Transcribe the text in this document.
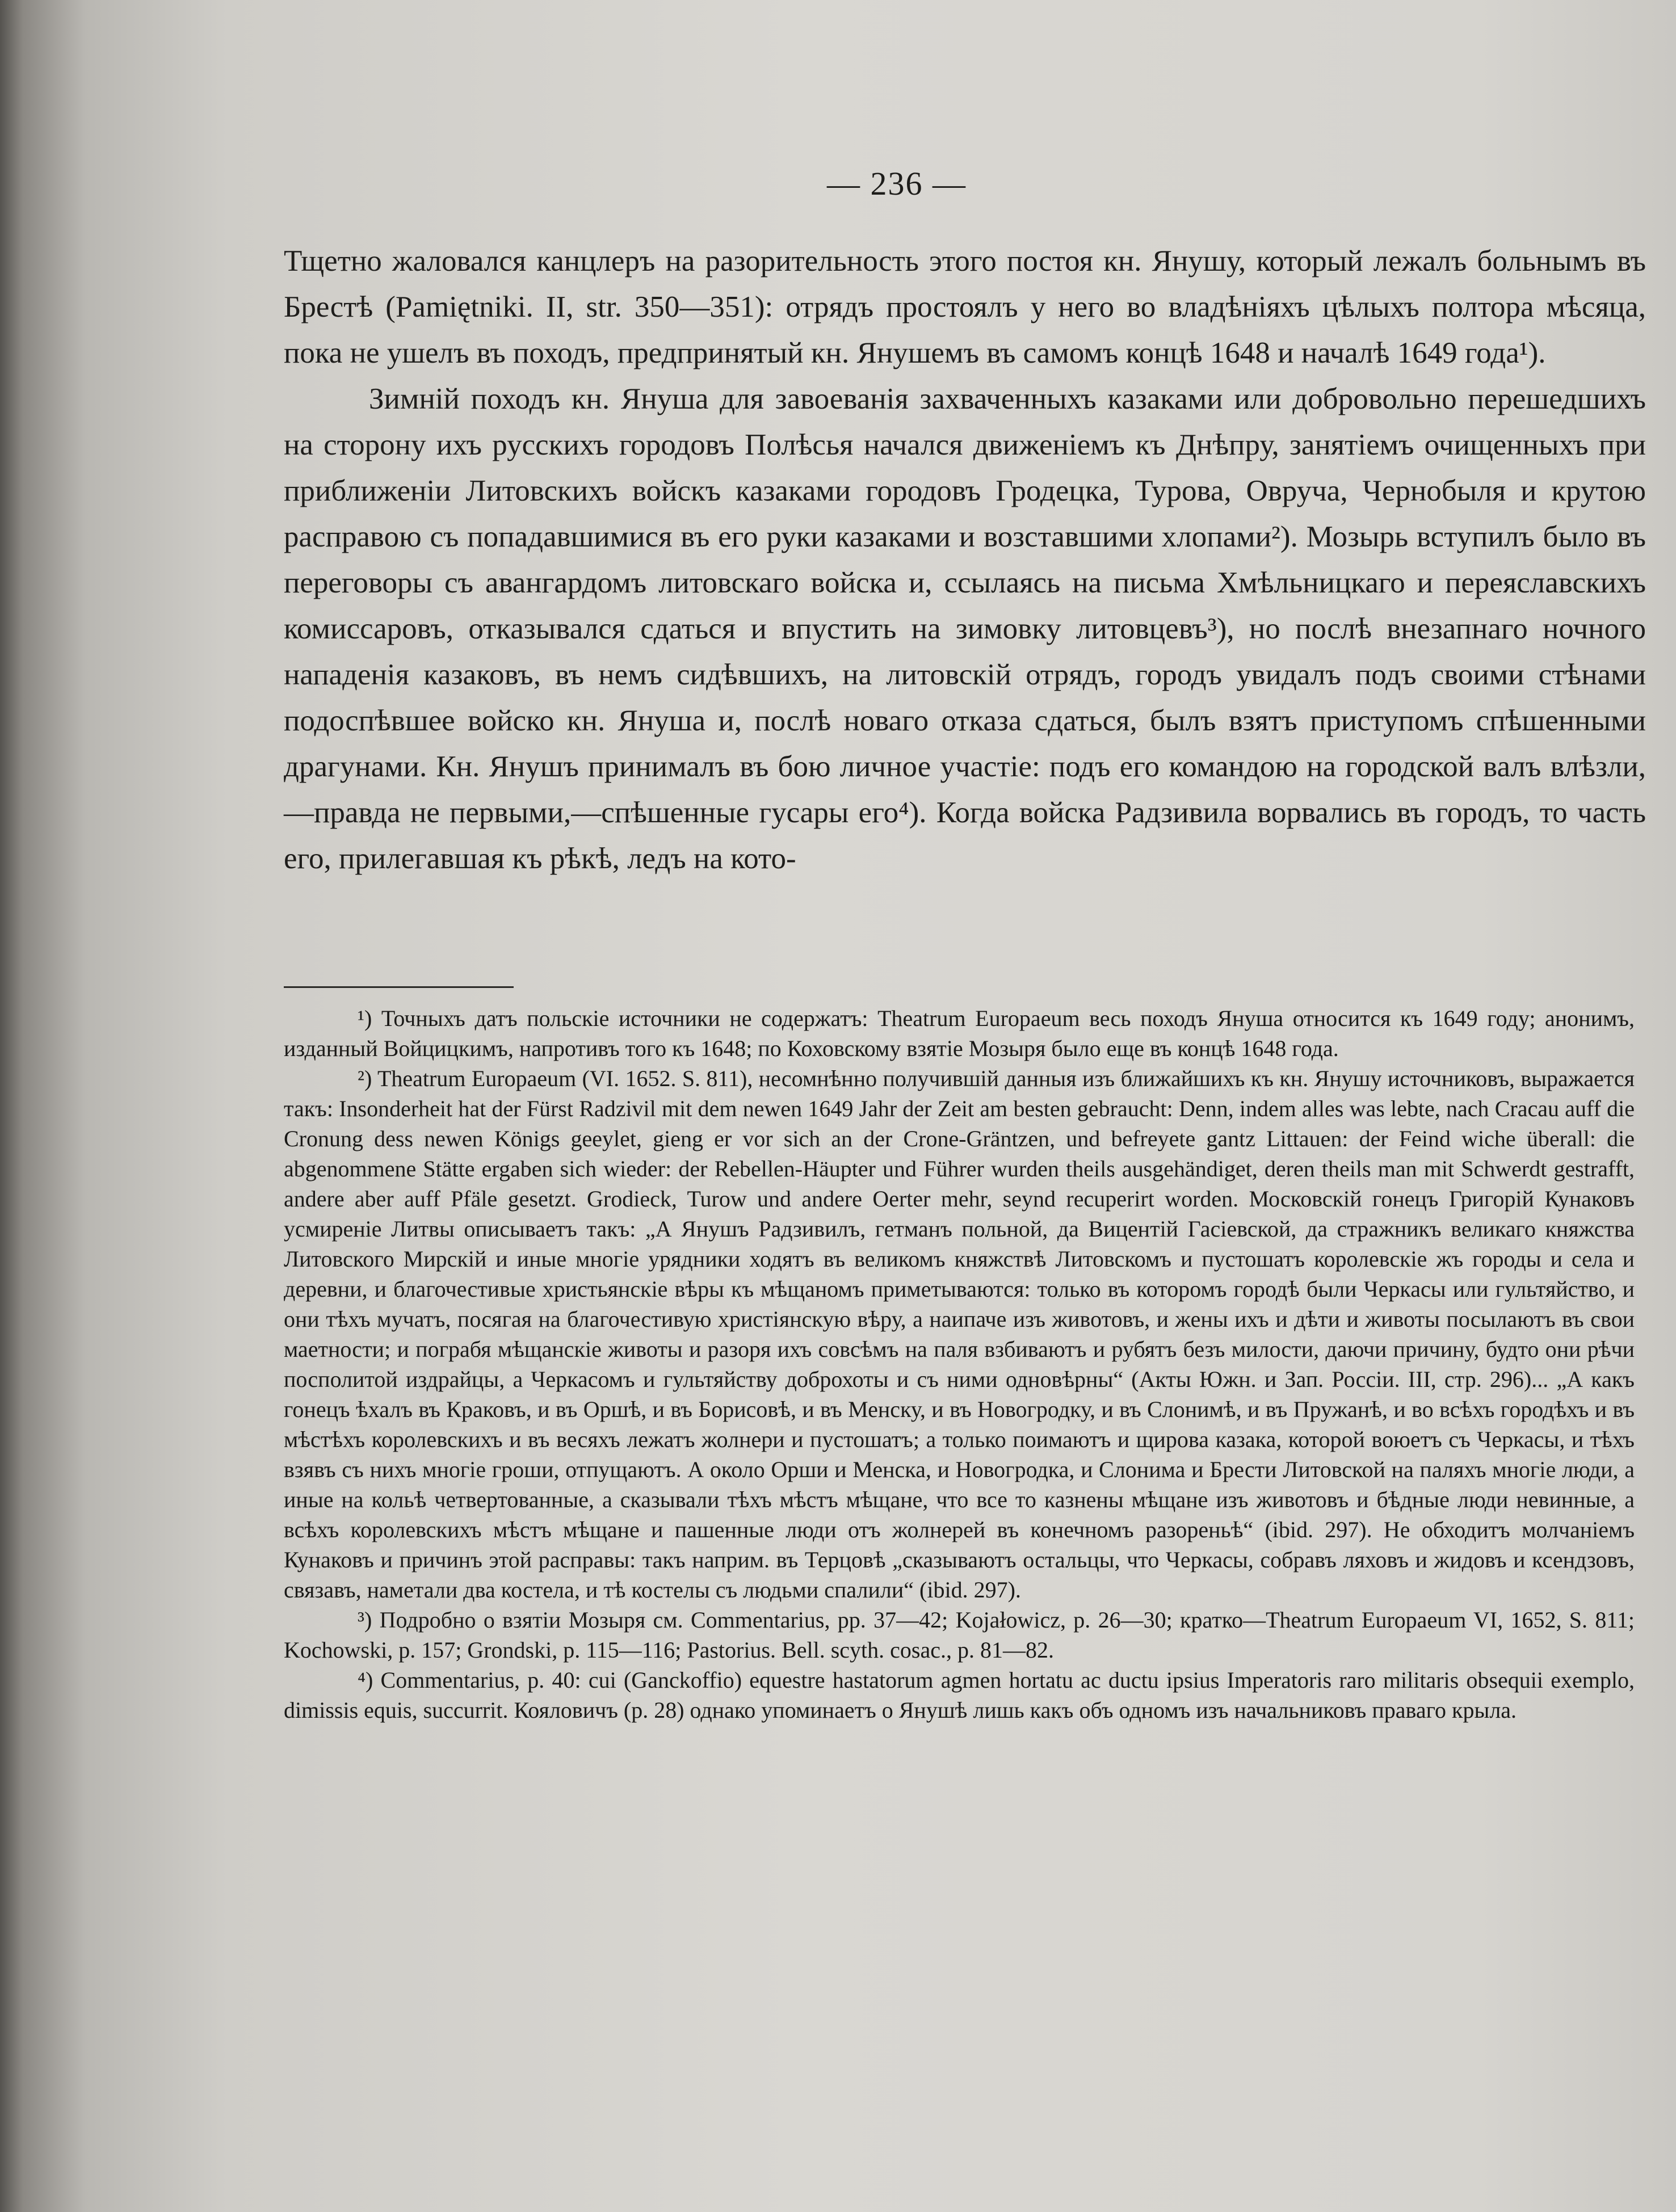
— 236 —

Тщетно жаловался канцлеръ на разорительность этого постоя кн. Янушу, который лежалъ больнымъ въ Брестѣ (Pamiętniki. II, str. 350—351): отрядъ простоялъ у него во владѣніяхъ цѣлыхъ полтора мѣсяца, пока не ушелъ въ походъ, предпринятый кн. Янушемъ въ самомъ концѣ 1648 и началѣ 1649 года¹).

Зимній походъ кн. Януша для завоеванія захваченныхъ казаками или добровольно перешедшихъ на сторону ихъ русскихъ городовъ Полѣсья начался движеніемъ къ Днѣпру, занятіемъ очищенныхъ при приближеніи Литовскихъ войскъ казаками городовъ Гродецка, Турова, Овруча, Чернобыля и крутою расправою съ попадавшимися въ его руки казаками и возставшими хлопами²). Мозырь вступилъ было въ переговоры съ авангардомъ литовскаго войска и, ссылаясь на письма Хмѣльницкаго и переяславскихъ комиссаровъ, отказывался сдаться и впустить на зимовку литовцевъ³), но послѣ внезапнаго ночного нападенія казаковъ, въ немъ сидѣвшихъ, на литовскій отрядъ, городъ увидалъ подъ своими стѣнами подоспѣвшее войско кн. Януша и, послѣ новаго отказа сдаться, былъ взятъ приступомъ спѣшенными драгунами. Кн. Янушъ принималъ въ бою личное участіе: подъ его командою на городской валъ влѣзли,—правда не первыми,—спѣшенные гусары его⁴). Когда войска Радзивила ворвались въ городъ, то часть его, прилегавшая къ рѣкѣ, ледъ на кото-

¹) Точныхъ датъ польскіе источники не содержатъ: Theatrum Europaeum весь походъ Януша относится къ 1649 году; анонимъ, изданный Войцицкимъ, напротивъ того къ 1648; по Коховскому взятіе Мозыря было еще въ концѣ 1648 года.

²) Theatrum Europaeum (VI. 1652. S. 811), несомнѣнно получившій данныя изъ ближайшихъ къ кн. Янушу источниковъ, выражается такъ: Insonderheit hat der Fürst Radzivil mit dem newen 1649 Jahr der Zeit am besten gebraucht: Denn, indem alles was lebte, nach Cracau auff die Cronung dess newen Königs geeylet, gieng er vor sich an der Crone-Gräntzen, und befreyete gantz Littauen: der Feind wiche überall: die abgenommene Stätte ergaben sich wieder: der Rebellen-Häupter und Führer wurden theils ausgehändiget, deren theils man mit Schwerdt gestrafft, andere aber auff Pfäle gesetzt. Grodieck, Turow und andere Oerter mehr, seynd recuperirt worden. Московскій гонецъ Григорій Кунаковъ усмиреніе Литвы описываетъ такъ: „А Янушъ Радзивилъ, гетманъ польной, да Вицентій Гасіевской, да стражникъ великаго княжства Литовского Мирскій и иные многіе урядники ходятъ въ великомъ княжствѣ Литовскомъ и пустошатъ королевскіе жъ городы и села и деревни, и благочестивые христьянскіе вѣры къ мѣщаномъ приметываются: только въ которомъ городѣ были Черкасы или гультяйство, и они тѣхъ мучатъ, посягая на благочестивую христіянскую вѣру, а наипаче изъ животовъ, и жены ихъ и дѣти и животы посылаютъ въ свои маетности; и пограбя мѣщанскіе животы и разоря ихъ совсѣмъ на паля взбиваютъ и рубятъ безъ милости, даючи причину, будто они рѣчи посполитой издрайцы, а Черкасомъ и гультяйству доброхоты и съ ними одновѣрны“ (Акты Южн. и Зап. Россіи. III, стр. 296)... „А какъ гонецъ ѣхалъ въ Краковъ, и въ Оршѣ, и въ Борисовѣ, и въ Менску, и въ Новогродку, и въ Слонимѣ, и въ Пружанѣ, и во всѣхъ городѣхъ и въ мѣстѣхъ королевскихъ и въ весяхъ лежатъ жолнери и пустошатъ; а только поимаютъ и щирова казака, которой воюетъ съ Черкасы, и тѣхъ взявъ съ нихъ многіе гроши, отпущаютъ. А около Орши и Менска, и Новогродка, и Слонима и Брести Литовской на паляхъ многіе люди, а иные на кольѣ четвертованные, а сказывали тѣхъ мѣстъ мѣщане, что все то казнены мѣщане изъ животовъ и бѣдные люди невинные, а всѣхъ королевскихъ мѣстъ мѣщане и пашенные люди отъ жолнерей въ конечномъ разореньѣ“ (ibid. 297). Не обходитъ молчаніемъ Кунаковъ и причинъ этой расправы: такъ наприм. въ Терцовѣ „сказываютъ остальцы, что Черкасы, собравъ ляховъ и жидовъ и ксендзовъ, связавъ, наметали два костела, и тѣ костелы съ людьми спалили“ (ibid. 297).

³) Подробно о взятіи Мозыря см. Commentarius, pp. 37—42; Kojałowicz, p. 26—30; кратко—Theatrum Europaeum VI, 1652, S. 811; Kochowski, p. 157; Grondski, p. 115—116; Pastorius. Bell. scyth. cosac., p. 81—82.

⁴) Commentarius, p. 40: cui (Ganckoffio) equestre hastatorum agmen hortatu ac ductu ipsius Imperatoris raro militaris obsequii exemplo, dimissis equis, succurrit. Кояловичъ (p. 28) однако упоминаетъ о Янушѣ лишь какъ объ одномъ изъ начальниковъ праваго крыла.
